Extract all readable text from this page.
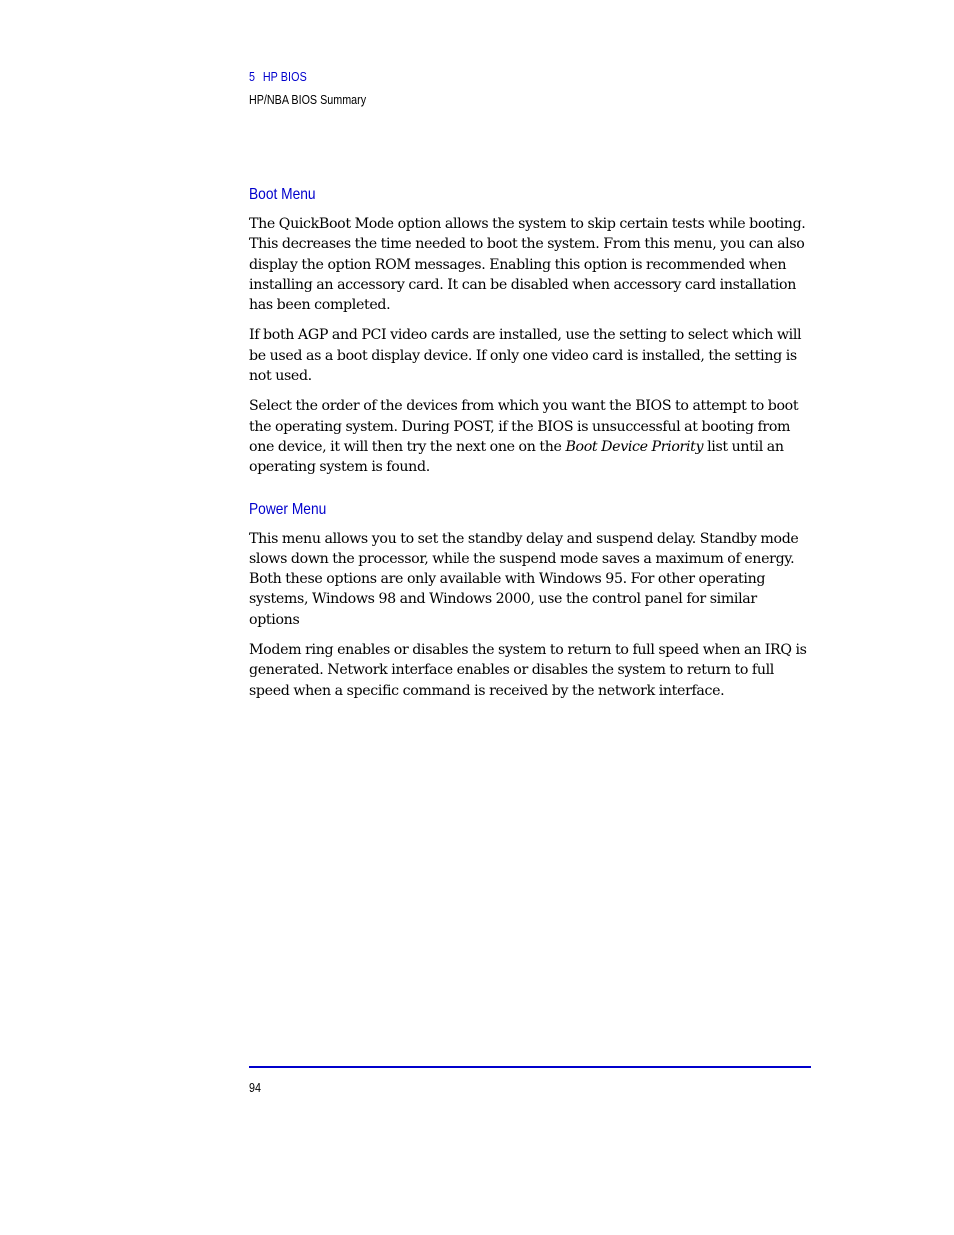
5 HP BIOS
HP/NBA BIOS Summary
Boot Menu

The QuickBoot Mode option allows the system to skip certain tests while booting. This decreases the time needed to boot the system. From this menu, you can also display the option ROM messages. Enabling this option is recommended when installing an accessory card. It can be disabled when accessory card installation has been completed.

If both AGP and PCI video cards are installed, use the setting to select which will be used as a boot display device. If only one video card is installed, the setting is not used.

Select the order of the devices from which you want the BIOS to attempt to boot the operating system. During POST, if the BIOS is unsuccessful at booting from one device, it will then try the next one on the Boot Device Priority list until an operating system is found.

Power Menu

This menu allows you to set the standby delay and suspend delay. Standby mode slows down the processor, while the suspend mode saves a maximum of energy. Both these options are only available with Windows 95. For other operating systems, Windows 98 and Windows 2000, use the control panel for similar options

Modem ring enables or disables the system to return to full speed when an IRQ is generated. Network interface enables or disables the system to return to full speed when a specific command is received by the network interface.

94
